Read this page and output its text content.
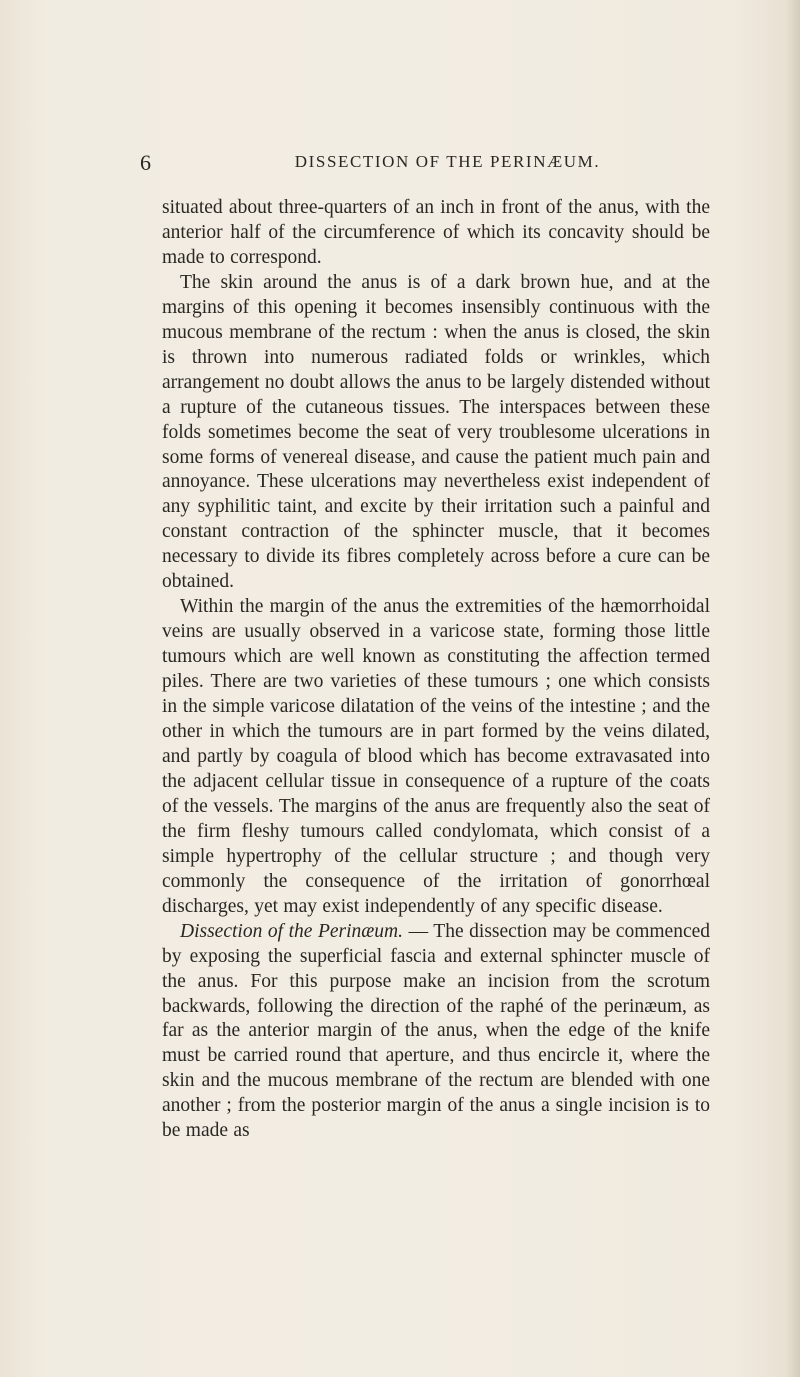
6	DISSECTION OF THE PERINÆUM.

situated about three-quarters of an inch in front of the anus, with the anterior half of the circumference of which its concavity should be made to correspond.

The skin around the anus is of a dark brown hue, and at the margins of this opening it becomes insensibly continuous with the mucous membrane of the rectum : when the anus is closed, the skin is thrown into numerous radiated folds or wrinkles, which arrangement no doubt allows the anus to be largely distended without a rupture of the cutaneous tissues. The interspaces between these folds sometimes become the seat of very troublesome ulcerations in some forms of venereal disease, and cause the patient much pain and annoyance. These ulcerations may nevertheless exist independent of any syphilitic taint, and excite by their irritation such a painful and constant contraction of the sphincter muscle, that it becomes necessary to divide its fibres completely across before a cure can be obtained.

Within the margin of the anus the extremities of the hæmorrhoidal veins are usually observed in a varicose state, forming those little tumours which are well known as constituting the affection termed piles. There are two varieties of these tumours ; one which consists in the simple varicose dilatation of the veins of the intestine ; and the other in which the tumours are in part formed by the veins dilated, and partly by coagula of blood which has become extravasated into the adjacent cellular tissue in consequence of a rupture of the coats of the vessels. The margins of the anus are frequently also the seat of the firm fleshy tumours called condylomata, which consist of a simple hypertrophy of the cellular structure ; and though very commonly the consequence of the irritation of gonorrhœal discharges, yet may exist independently of any specific disease.

Dissection of the Perinæum. — The dissection may be commenced by exposing the superficial fascia and external sphincter muscle of the anus. For this purpose make an incision from the scrotum backwards, following the direction of the raphé of the perinæum, as far as the anterior margin of the anus, when the edge of the knife must be carried round that aperture, and thus encircle it, where the skin and the mucous membrane of the rectum are blended with one another ; from the posterior margin of the anus a single incision is to be made as
